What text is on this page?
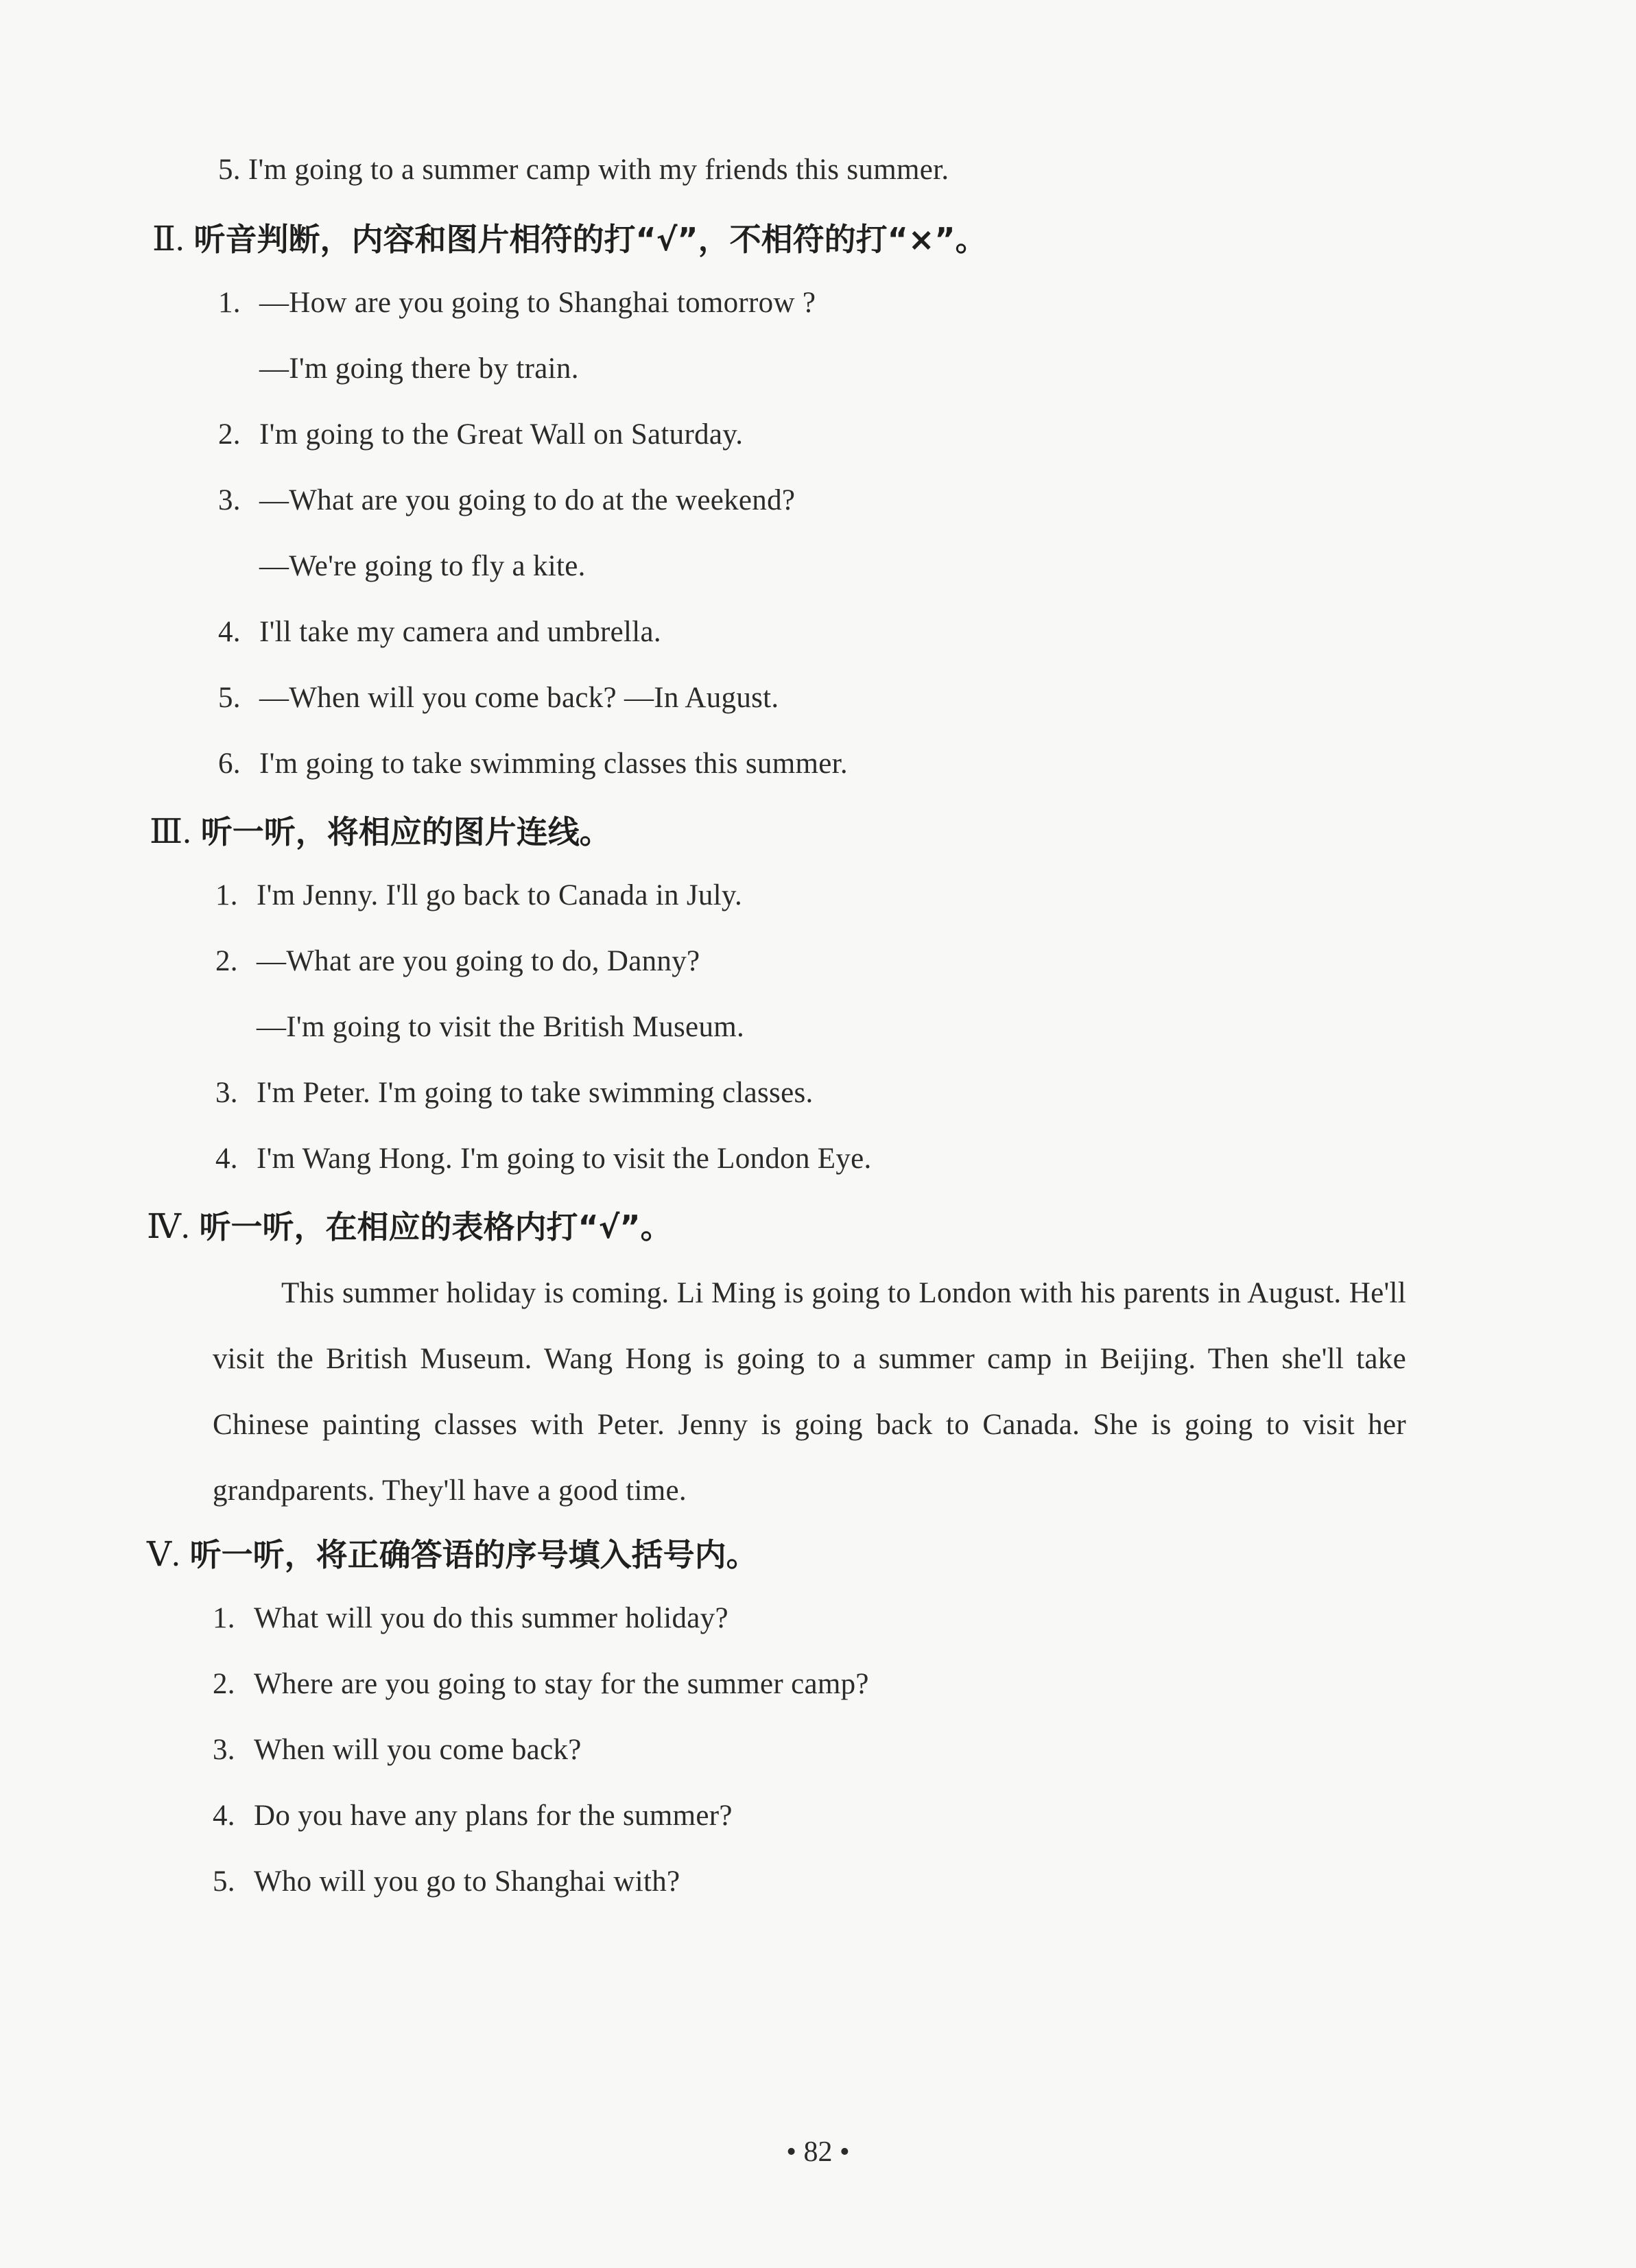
5. I'm going to a summer camp with my friends this summer.
Ⅱ. 听音判断，内容和图片相符的打“√”，不相符的打“×”。
1. —How are you going to Shanghai tomorrow ?
—I'm going there by train.
2. I'm going to the Great Wall on Saturday.
3. —What are you going to do at the weekend?
—We're going to fly a kite.
4. I'll take my camera and umbrella.
5. —When will you come back? —In August.
6. I'm going to take swimming classes this summer.
Ⅲ. 听一听，将相应的图片连线。
1. I'm Jenny. I'll go back to Canada in July.
2. —What are you going to do, Danny?
—I'm going to visit the British Museum.
3. I'm Peter. I'm going to take swimming classes.
4. I'm Wang Hong. I'm going to visit the London Eye.
Ⅳ. 听一听，在相应的表格内打“√”。
This summer holiday is coming. Li Ming is going to London with his parents in August. He'll visit the British Museum. Wang Hong is going to a summer camp in Beijing. Then she'll take Chinese painting classes with Peter. Jenny is going back to Canada. She is going to visit her grandparents. They'll have a good time.
Ⅴ. 听一听，将正确答语的序号填入括号内。
1. What will you do this summer holiday?
2. Where are you going to stay for the summer camp?
3. When will you come back?
4. Do you have any plans for the summer?
5. Who will you go to Shanghai with?
• 82 •
